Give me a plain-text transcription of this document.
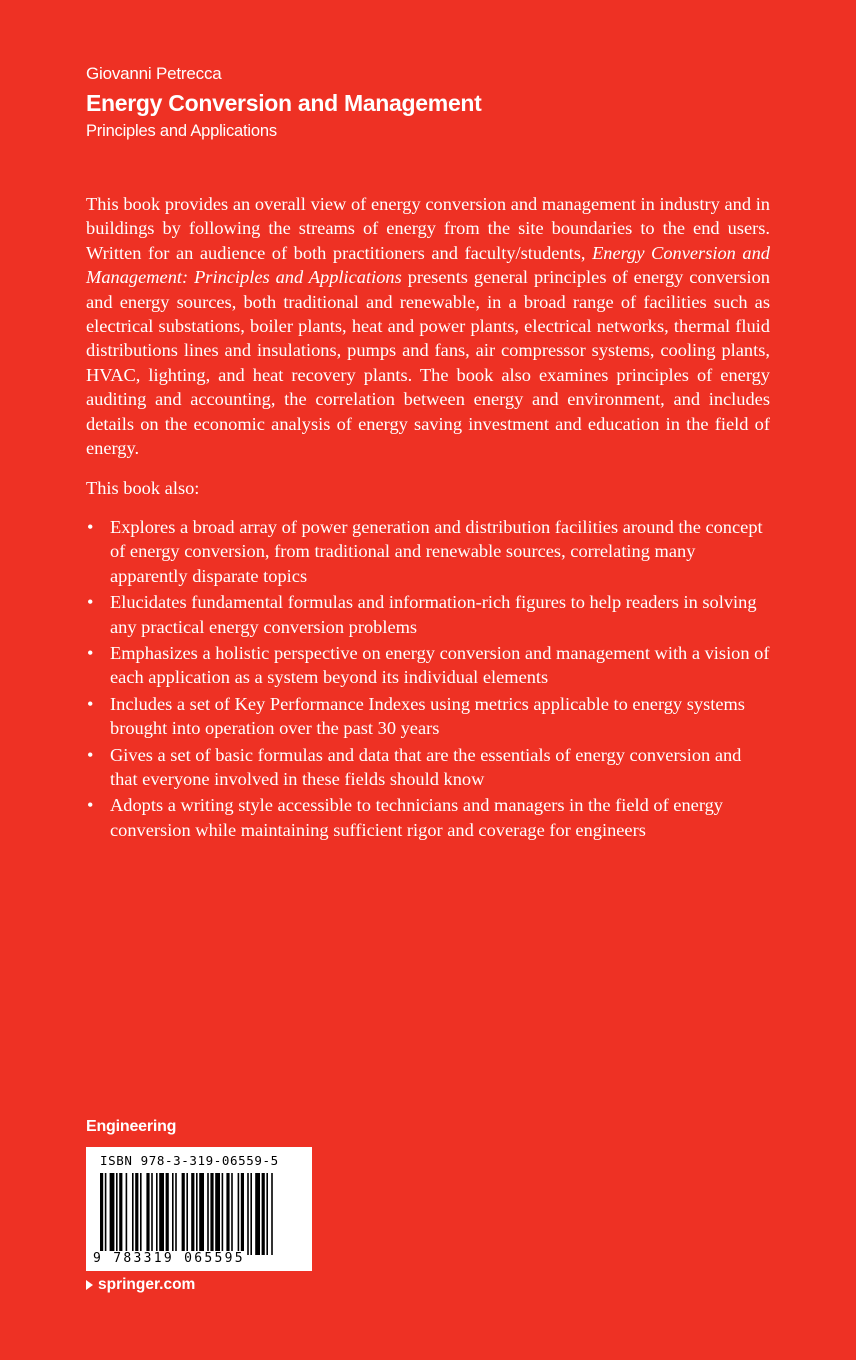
Giovanni Petrecca
Energy Conversion and Management
Principles and Applications

This book provides an overall view of energy conversion and management in industry and in buildings by following the streams of energy from the site boundaries to the end users. Written for an audience of both practitioners and faculty/students, Energy Conversion and Management: Principles and Applications presents general principles of energy conversion and energy sources, both traditional and renewable, in a broad range of facilities such as electrical substations, boiler plants, heat and power plants, electrical networks, thermal fluid distributions lines and insulations, pumps and fans, air compressor systems, cooling plants, HVAC, lighting, and heat recovery plants. The book also examines principles of energy auditing and accounting, the correlation between energy and environment, and includes details on the economic analysis of energy saving investment and education in the field of energy.

This book also:

• Explores a broad array of power generation and distribution facilities around the concept of energy conversion, from traditional and renewable sources, correlating many apparently disparate topics
• Elucidates fundamental formulas and information-rich figures to help readers in solving any practical energy conversion problems
• Emphasizes a holistic perspective on energy conversion and management with a vision of each application as a system beyond its individual elements
• Includes a set of Key Performance Indexes using metrics applicable to energy systems brought into operation over the past 30 years
• Gives a set of basic formulas and data that are the essentials of energy conversion and that everyone involved in these fields should know
• Adopts a writing style accessible to technicians and managers in the field of energy conversion while maintaining sufficient rigor and coverage for engineers
Engineering
ISBN 978-3-319-06559-5
9 783319 065595
springer.com
